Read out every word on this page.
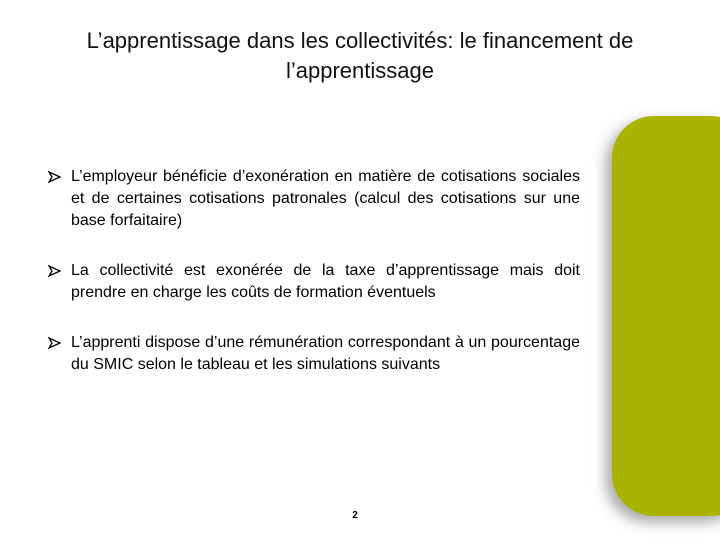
L’apprentissage dans les collectivités: le financement de l’apprentissage
L’employeur bénéficie d’exonération en matière de cotisations sociales et de certaines cotisations patronales (calcul des cotisations sur une base forfaitaire)
La collectivité est exonérée de la taxe d’apprentissage mais doit prendre en charge les coûts de formation éventuels
L’apprenti dispose d’une rémunération correspondant à un pourcentage du SMIC selon le tableau et les simulations suivants
2
